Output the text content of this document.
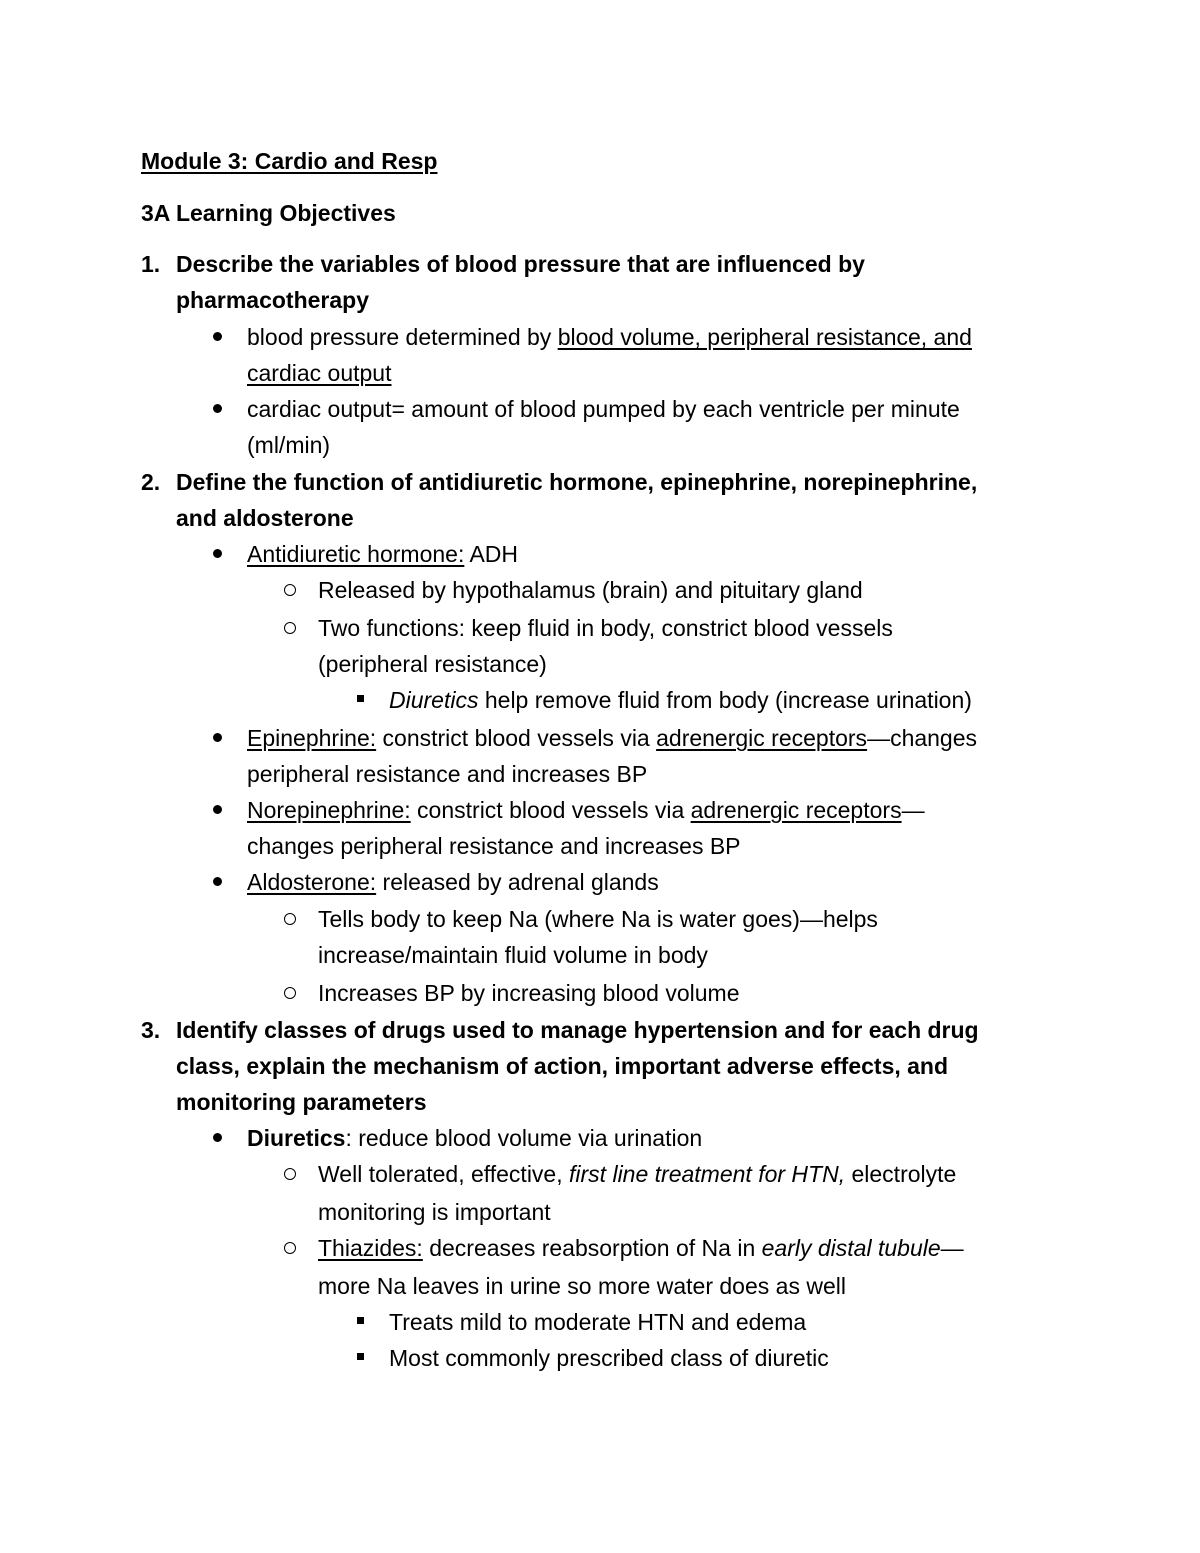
Module 3: Cardio and Resp
3A Learning Objectives
1. Describe the variables of blood pressure that are influenced by
pharmacotherapy
blood pressure determined by blood volume, peripheral resistance, and
cardiac output
cardiac output= amount of blood pumped by each ventricle per minute
(ml/min)
2. Define the function of antidiuretic hormone, epinephrine, norepinephrine,
and aldosterone
Antidiuretic hormone: ADH
Released by hypothalamus (brain) and pituitary gland
Two functions: keep fluid in body, constrict blood vessels
(peripheral resistance)
Diuretics help remove fluid from body (increase urination)
Epinephrine: constrict blood vessels via adrenergic receptors—changes
peripheral resistance and increases BP
Norepinephrine: constrict blood vessels via adrenergic receptors—
changes peripheral resistance and increases BP
Aldosterone: released by adrenal glands
Tells body to keep Na (where Na is water goes)—helps
increase/maintain fluid volume in body
Increases BP by increasing blood volume
3. Identify classes of drugs used to manage hypertension and for each drug
class, explain the mechanism of action, important adverse effects, and
monitoring parameters
Diuretics: reduce blood volume via urination
Well tolerated, effective, first line treatment for HTN, electrolyte
monitoring is important
Thiazides: decreases reabsorption of Na in early distal tubule—
more Na leaves in urine so more water does as well
Treats mild to moderate HTN and edema
Most commonly prescribed class of diuretic
